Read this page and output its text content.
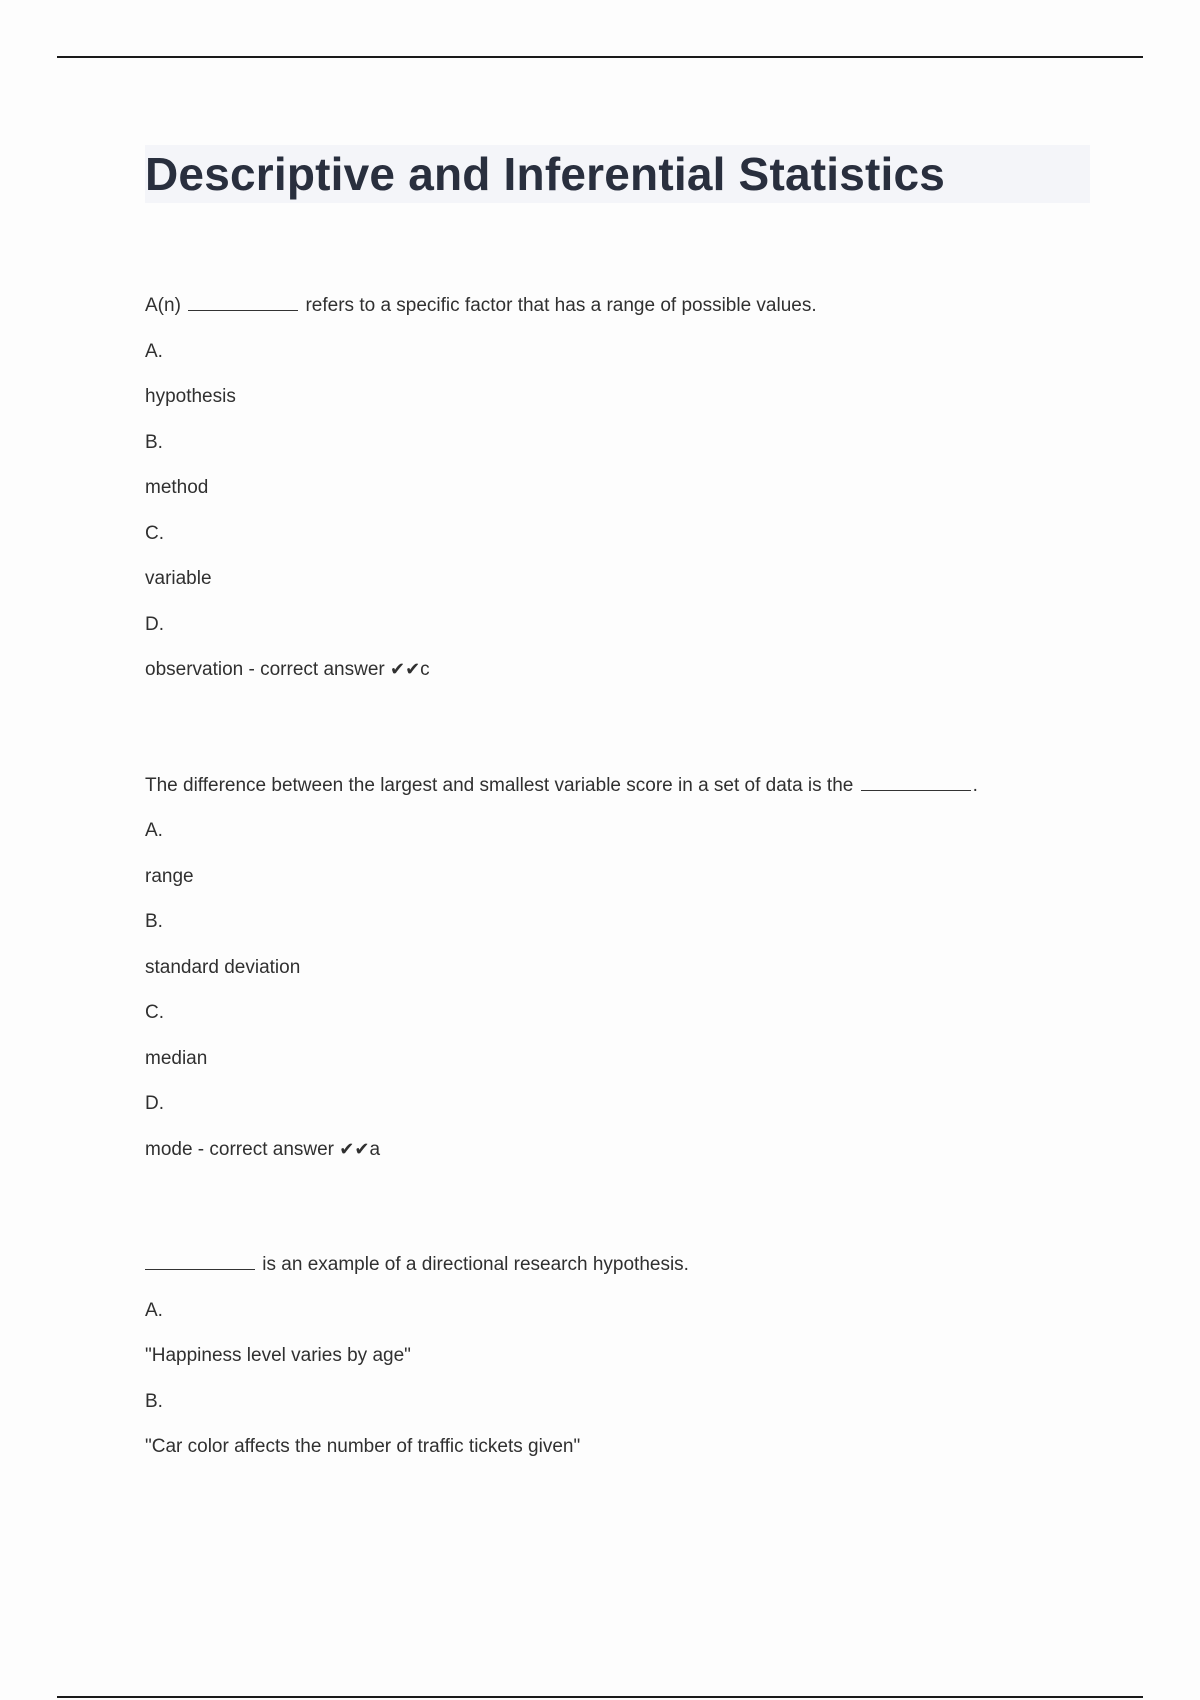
Descriptive and Inferential Statistics
A(n)	refers to a specific factor that has a range of possible values.
A.
hypothesis
B.
method
C.
variable
D.
observation - correct answer ✔✔c
The difference between the largest and smallest variable score in a set of data is the	.
A.
range
B.
standard deviation
C.
median
D.
mode - correct answer ✔✔a
is an example of a directional research hypothesis.
A.
"Happiness level varies by age"
B.
"Car color affects the number of traffic tickets given"
